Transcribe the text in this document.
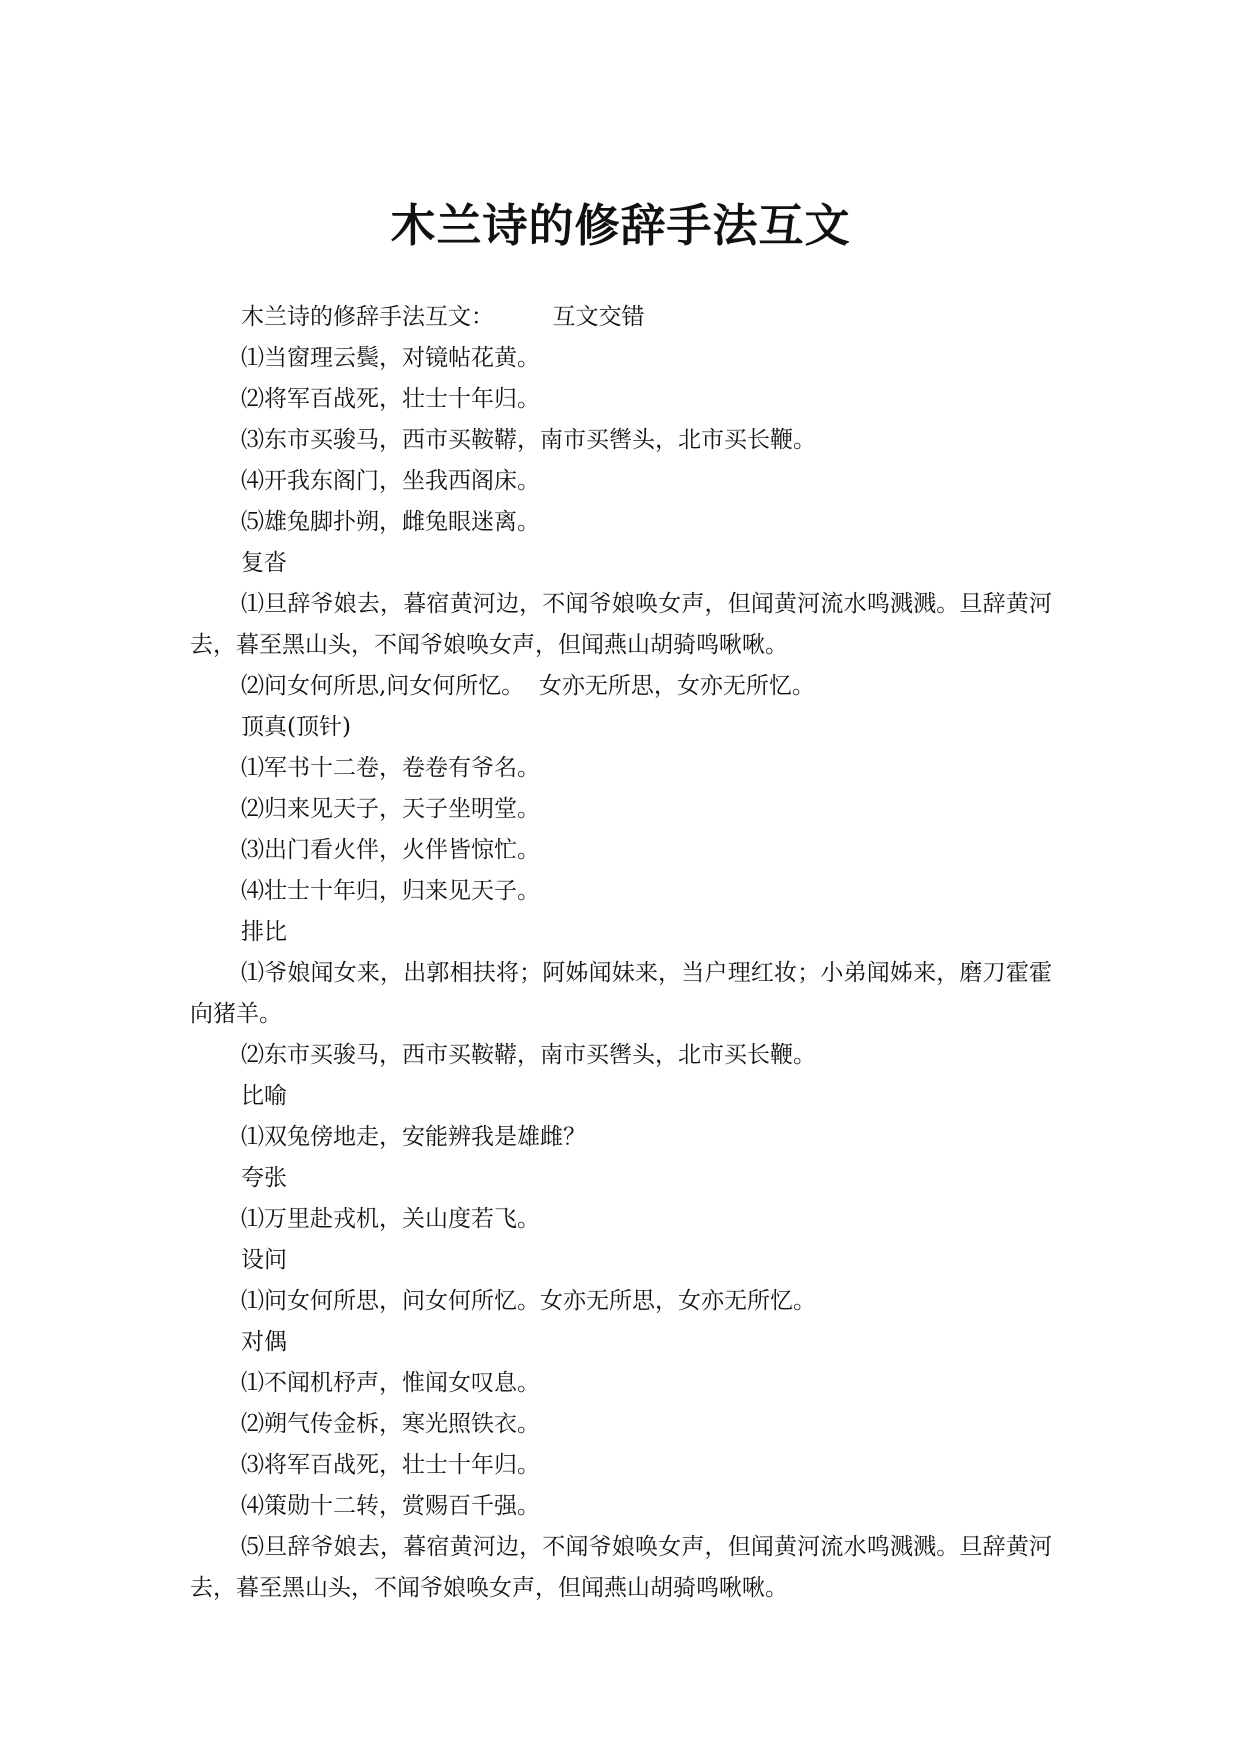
木兰诗的修辞手法互文

木兰诗的修辞手法互文：        互文交错

⑴当窗理云鬓，对镜帖花黄。

⑵将军百战死，壮士十年归。

⑶东市买骏马，西市买鞍鞯，南市买辔头，北市买长鞭。

⑷开我东阁门，坐我西阁床。

⑸雄兔脚扑朔，雌兔眼迷离。

复沓

⑴旦辞爷娘去，暮宿黄河边，不闻爷娘唤女声，但闻黄河流水鸣溅溅。旦辞黄河去，暮至黑山头，不闻爷娘唤女声，但闻燕山胡骑鸣啾啾。

⑵问女何所思,问女何所忆。  女亦无所思，女亦无所忆。

顶真(顶针)

⑴军书十二卷，卷卷有爷名。

⑵归来见天子，天子坐明堂。

⑶出门看火伴，火伴皆惊忙。

⑷壮士十年归，归来见天子。

排比

⑴爷娘闻女来，出郭相扶将；阿姊闻妹来，当户理红妆；小弟闻姊来，磨刀霍霍向猪羊。

⑵东市买骏马，西市买鞍鞯，南市买辔头，北市买长鞭。

比喻

⑴双兔傍地走，安能辨我是雄雌？

夸张

⑴万里赴戎机，关山度若飞。

设问

⑴问女何所思，问女何所忆。女亦无所思，女亦无所忆。

对偶

⑴不闻机杼声，惟闻女叹息。

⑵朔气传金柝，寒光照铁衣。

⑶将军百战死，壮士十年归。

⑷策勋十二转，赏赐百千强。

⑸旦辞爷娘去，暮宿黄河边，不闻爷娘唤女声，但闻黄河流水鸣溅溅。旦辞黄河去，暮至黑山头，不闻爷娘唤女声，但闻燕山胡骑鸣啾啾。
